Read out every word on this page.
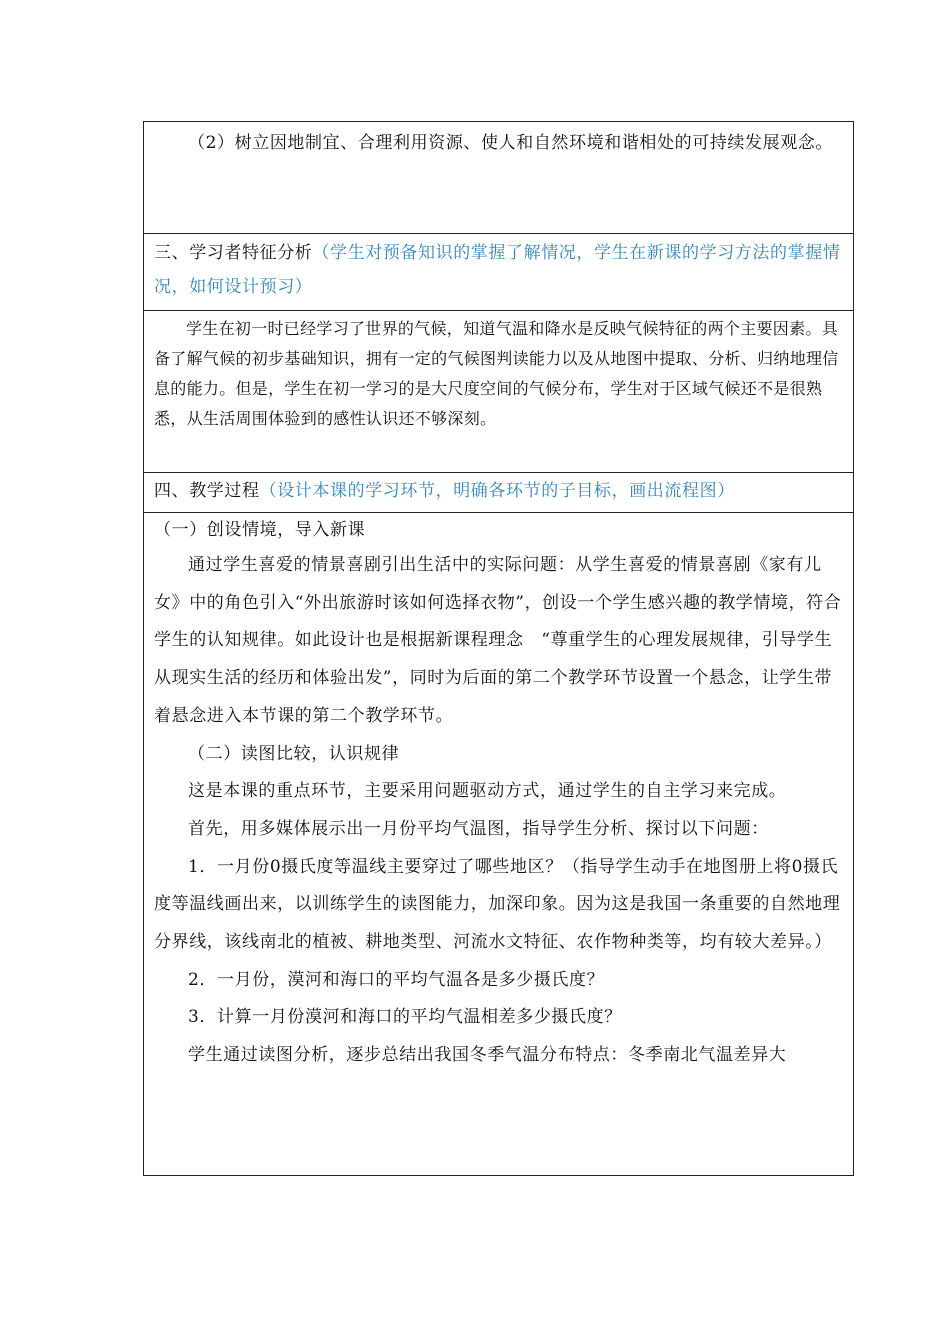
（2）树立因地制宜、合理利用资源、使人和自然环境和谐相处的可持续发展观念。

三、学习者特征分析（学生对预备知识的掌握了解情况，学生在新课的学习方法的掌握情况，如何设计预习）

学生在初一时已经学习了世界的气候，知道气温和降水是反映气候特征的两个主要因素。具备了解气候的初步基础知识，拥有一定的气候图判读能力以及从地图中提取、分析、归纳地理信息的能力。但是，学生在初一学习的是大尺度空间的气候分布，学生对于区域气候还不是很熟悉，从生活周围体验到的感性认识还不够深刻。

四、教学过程（设计本课的学习环节，明确各环节的子目标，画出流程图）

（一）创设情境，导入新课

通过学生喜爱的情景喜剧引出生活中的实际问题：从学生喜爱的情景喜剧《家有儿女》中的角色引入“外出旅游时该如何选择衣物”，创设一个学生感兴趣的教学情境，符合学生的认知规律。如此设计也是根据新课程理念　“尊重学生的心理发展规律，引导学生从现实生活的经历和体验出发”，同时为后面的第二个教学环节设置一个悬念，让学生带着悬念进入本节课的第二个教学环节。

（二）读图比较，认识规律

这是本课的重点环节，主要采用问题驱动方式，通过学生的自主学习来完成。

首先，用多媒体展示出一月份平均气温图，指导学生分析、探讨以下问题：

1．一月份0摄氏度等温线主要穿过了哪些地区？（指导学生动手在地图册上将0摄氏度等温线画出来，以训练学生的读图能力，加深印象。因为这是我国一条重要的自然地理分界线，该线南北的植被、耕地类型、河流水文特征、农作物种类等，均有较大差异。）

2．一月份，漠河和海口的平均气温各是多少摄氏度？

3．计算一月份漠河和海口的平均气温相差多少摄氏度？

学生通过读图分析，逐步总结出我国冬季气温分布特点：冬季南北气温差异大
